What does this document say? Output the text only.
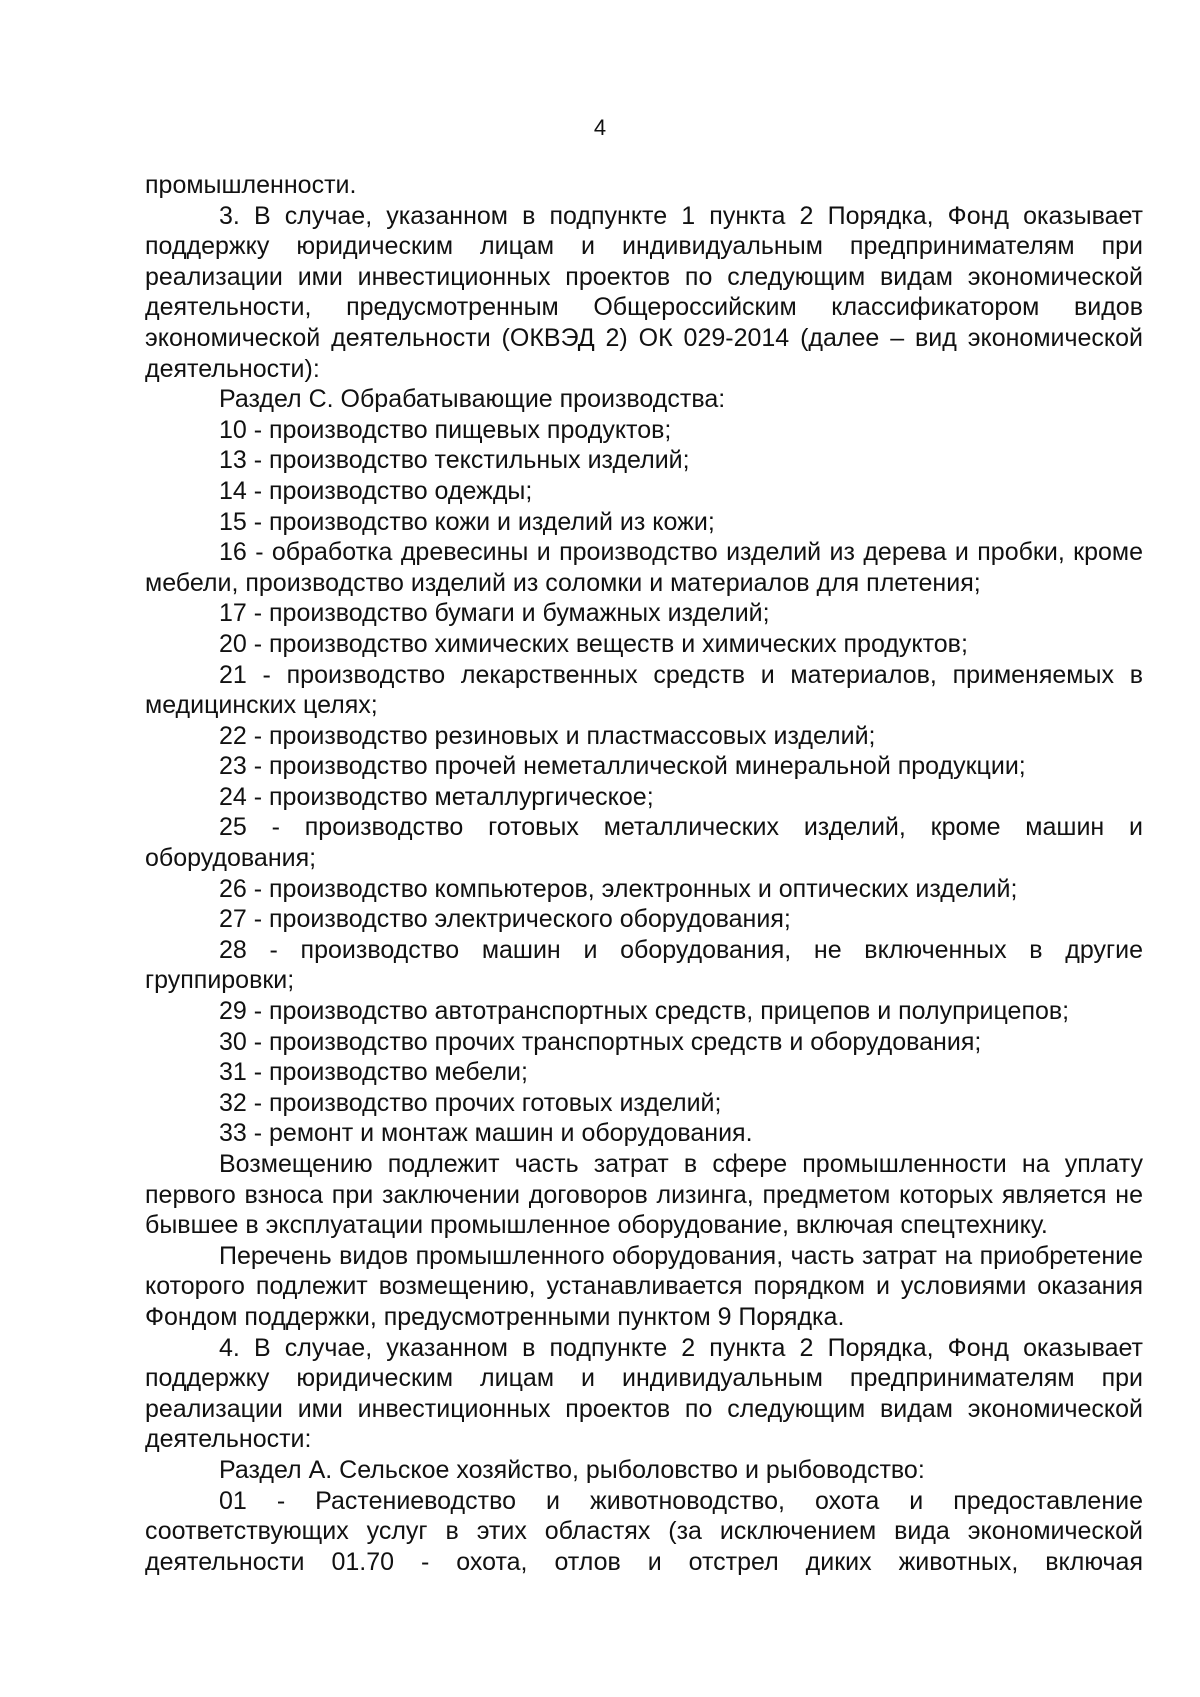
4

промышленности.

3. В случае, указанном в подпункте 1 пункта 2 Порядка, Фонд оказывает поддержку юридическим лицам и индивидуальным предпринимателям при реализации ими инвестиционных проектов по следующим видам экономической деятельности, предусмотренным Общероссийским классификатором видов экономической деятельности (ОКВЭД 2) ОК 029-2014 (далее – вид экономической деятельности):

Раздел С. Обрабатывающие производства:

10 - производство пищевых продуктов;

13 - производство текстильных изделий;

14 - производство одежды;

15 - производство кожи и изделий из кожи;

16 - обработка древесины и производство изделий из дерева и пробки, кроме мебели, производство изделий из соломки и материалов для плетения;

17 - производство бумаги и бумажных изделий;

20 - производство химических веществ и химических продуктов;

21 - производство лекарственных средств и материалов, применяемых в медицинских целях;

22 - производство резиновых и пластмассовых изделий;

23 - производство прочей неметаллической минеральной продукции;

24 - производство металлургическое;

25 - производство готовых металлических изделий, кроме машин и оборудования;

26 - производство компьютеров, электронных и оптических изделий;

27 - производство электрического оборудования;

28 - производство машин и оборудования, не включенных в другие группировки;

29 - производство автотранспортных средств, прицепов и полуприцепов;

30 - производство прочих транспортных средств и оборудования;

31 - производство мебели;

32 - производство прочих готовых изделий;

33 - ремонт и монтаж машин и оборудования.

Возмещению подлежит часть затрат в сфере промышленности на уплату первого взноса при заключении договоров лизинга, предметом которых является не бывшее в эксплуатации промышленное оборудование, включая спецтехнику.

Перечень видов промышленного оборудования, часть затрат на приобретение которого подлежит возмещению, устанавливается порядком и условиями оказания Фондом поддержки, предусмотренными пунктом 9 Порядка.

4. В случае, указанном в подпункте 2 пункта 2 Порядка, Фонд оказывает поддержку юридическим лицам и индивидуальным предпринимателям при реализации ими инвестиционных проектов по следующим видам экономической деятельности:

Раздел А. Сельское хозяйство, рыболовство и рыбоводство:

01 - Растениеводство и животноводство, охота и предоставление соответствующих услуг в этих областях (за исключением вида экономической деятельности 01.70 - охота, отлов и отстрел диких животных, включая
